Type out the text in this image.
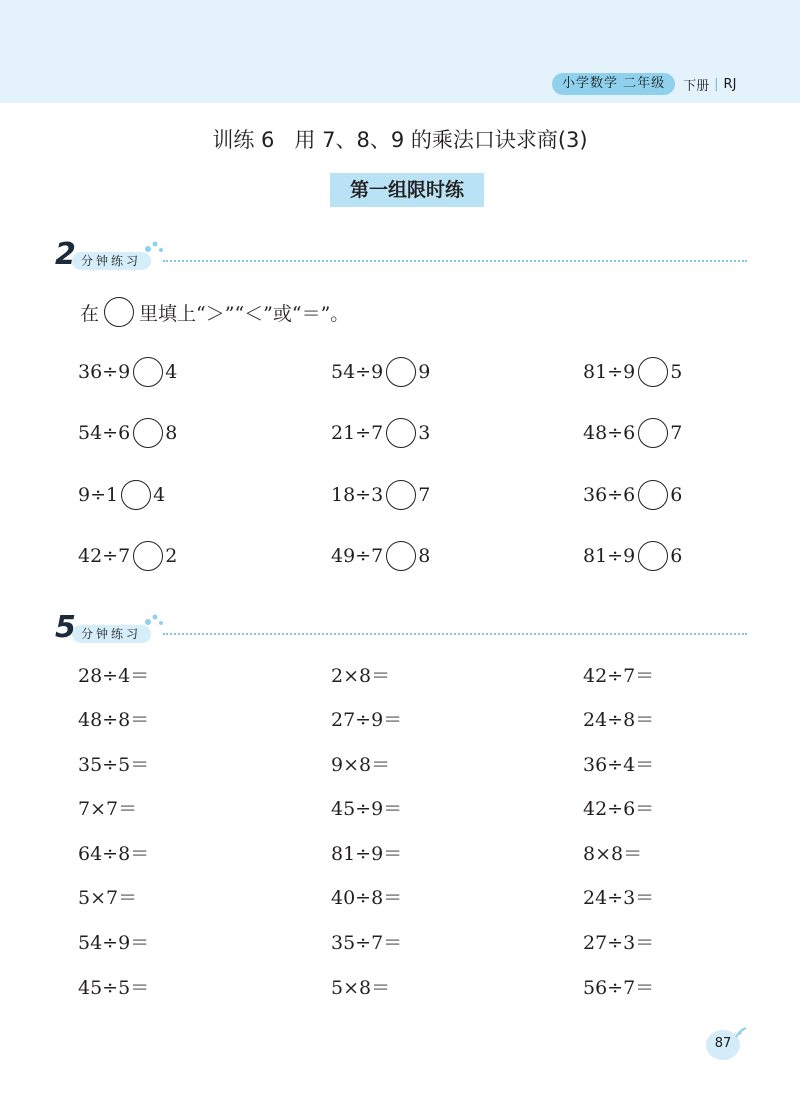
小学数学 二年级	下册 | RJ
训练 6   用 7、8、9 的乘法口诀求商(3)
第一组限时练
分钟练习
2
在 里填上“＞”“＜”或“＝”。
36÷9 4	54÷9 9	81÷9 5
54÷6 8	21÷7 3	48÷6 7
9÷1 4	18÷3 7	36÷6 6
42÷7 2	49÷7 8	81÷9 6
分钟练习
5
28÷4＝	2×8＝	42÷7＝
48÷8＝	27÷9＝	24÷8＝
35÷5＝	9×8＝	36÷4＝
7×7＝	45÷9＝	42÷6＝
64÷8＝	81÷9＝	8×8＝
5×7＝	40÷8＝	24÷3＝
54÷9＝	35÷7＝	27÷3＝
45÷5＝	5×8＝	56÷7＝
87
